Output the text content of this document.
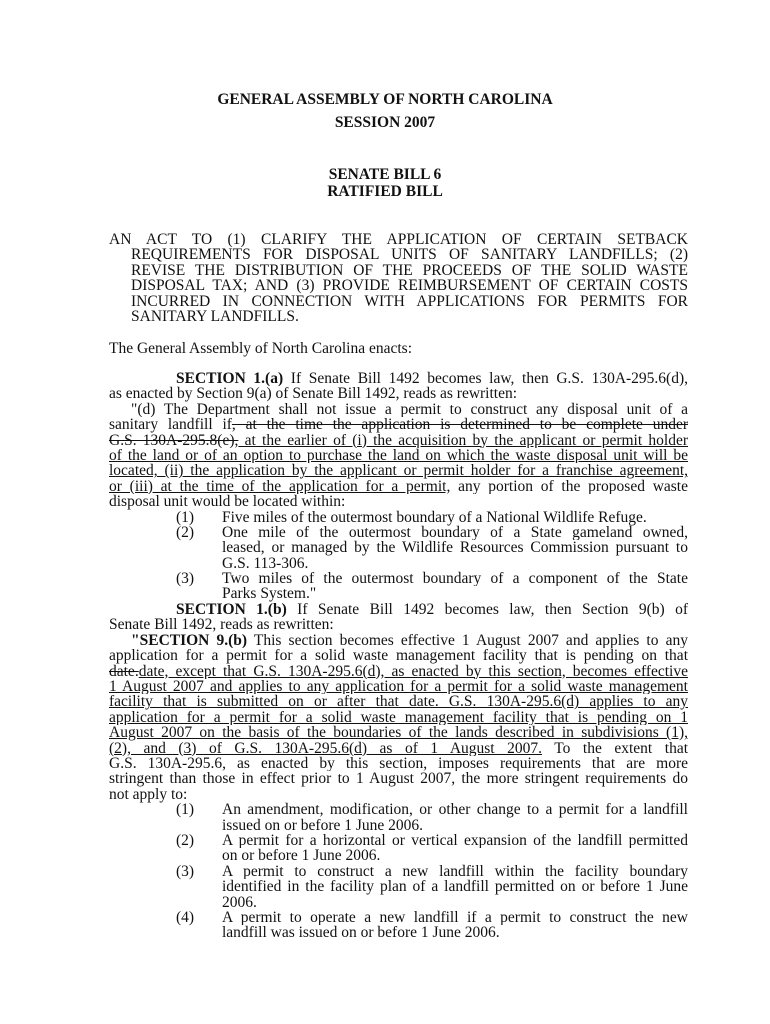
GENERAL ASSEMBLY OF NORTH CAROLINA
SESSION 2007
SENATE BILL 6
RATIFIED BILL
AN ACT TO (1) CLARIFY THE APPLICATION OF CERTAIN SETBACK
REQUIREMENTS FOR DISPOSAL UNITS OF SANITARY LANDFILLS; (2)
REVISE THE DISTRIBUTION OF THE PROCEEDS OF THE SOLID WASTE
DISPOSAL TAX; AND (3) PROVIDE REIMBURSEMENT OF CERTAIN COSTS
INCURRED IN CONNECTION WITH APPLICATIONS FOR PERMITS FOR
SANITARY LANDFILLS.
The General Assembly of North Carolina enacts:
SECTION 1.(a) If Senate Bill 1492 becomes law, then G.S. 130A-295.6(d),
as enacted by Section 9(a) of Senate Bill 1492, reads as rewritten:
"(d) The Department shall not issue a permit to construct any disposal unit of a
sanitary landfill if, at the time the application is determined to be complete under
G.S. 130A-295.8(e), at the earlier of (i) the acquisition by the applicant or permit holder
of the land or of an option to purchase the land on which the waste disposal unit will be
located, (ii) the application by the applicant or permit holder for a franchise agreement,
or (iii) at the time of the application for a permit, any portion of the proposed waste
disposal unit would be located within:
(1) Five miles of the outermost boundary of a National Wildlife Refuge.
(2) One mile of the outermost boundary of a State gameland owned,
leased, or managed by the Wildlife Resources Commission pursuant to
G.S. 113-306.
(3) Two miles of the outermost boundary of a component of the State
Parks System."
SECTION 1.(b) If Senate Bill 1492 becomes law, then Section 9(b) of
Senate Bill 1492, reads as rewritten:
"SECTION 9.(b) This section becomes effective 1 August 2007 and applies to any
application for a permit for a solid waste management facility that is pending on that
date.date, except that G.S. 130A-295.6(d), as enacted by this section, becomes effective
1 August 2007 and applies to any application for a permit for a solid waste management
facility that is submitted on or after that date. G.S. 130A-295.6(d) applies to any
application for a permit for a solid waste management facility that is pending on 1
August 2007 on the basis of the boundaries of the lands described in subdivisions (1),
(2), and (3) of G.S. 130A-295.6(d) as of 1 August 2007. To the extent that
G.S. 130A-295.6, as enacted by this section, imposes requirements that are more
stringent than those in effect prior to 1 August 2007, the more stringent requirements do
not apply to:
(1) An amendment, modification, or other change to a permit for a landfill
issued on or before 1 June 2006.
(2) A permit for a horizontal or vertical expansion of the landfill permitted
on or before 1 June 2006.
(3) A permit to construct a new landfill within the facility boundary
identified in the facility plan of a landfill permitted on or before 1 June
2006.
(4) A permit to operate a new landfill if a permit to construct the new
landfill was issued on or before 1 June 2006.
